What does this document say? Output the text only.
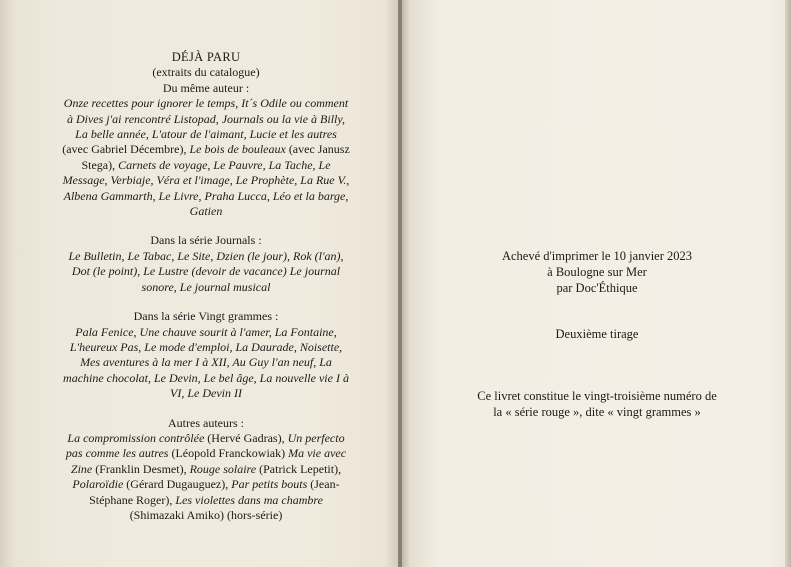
DÉJÀ PARU
(extraits du catalogue)
Du même auteur :
Onze recettes pour ignorer le temps, It´s Odile ou comment à Dives j'ai rencontré Listopad, Journals ou la vie à Billy, La belle année, L'atour de l'aimant, Lucie et les autres (avec Gabriel Décembre), Le bois de bouleaux (avec Janusz Stega), Carnets de voyage, Le Pauvre, La Tache, Le Message, Verbiaje, Véra et l'image, Le Prophète, La Rue V., Albena Gammarth, Le Livre, Praha Lucca, Léo et la barge, Gatien
Dans la série Journals :
Le Bulletin, Le Tabac, Le Site, Dzien (le jour), Rok (l'an), Dot (le point), Le Lustre (devoir de vacance) Le journal sonore, Le journal musical
Dans la série Vingt grammes :
Pala Fenice, Une chauve sourit à l'amer, La Fontaine, L'heureux Pas, Le mode d'emploi, La Daurade, Noisette, Mes aventures à la mer I à XII, Au Guy l'an neuf, La machine chocolat, Le Devin, Le bel âge, La nouvelle vie I à VI, Le Devin II
Autres auteurs :
La compromission contrôlée (Hervé Gadras), Un perfecto pas comme les autres (Léopold Franckowiak) Ma vie avec Zine (Franklin Desmet), Rouge solaire (Patrick Lepetit), Polaroïdie (Gérard Dugauguez), Par petits bouts (Jean-Stéphane Roger), Les violettes dans ma chambre (Shimazaki Amiko) (hors-série)
Achevé d'imprimer le 10 janvier 2023
à Boulogne sur Mer
par Doc'Éthique
Deuxième tirage
Ce livret constitue le vingt-troisième numéro de
la « série rouge », dite « vingt grammes »
